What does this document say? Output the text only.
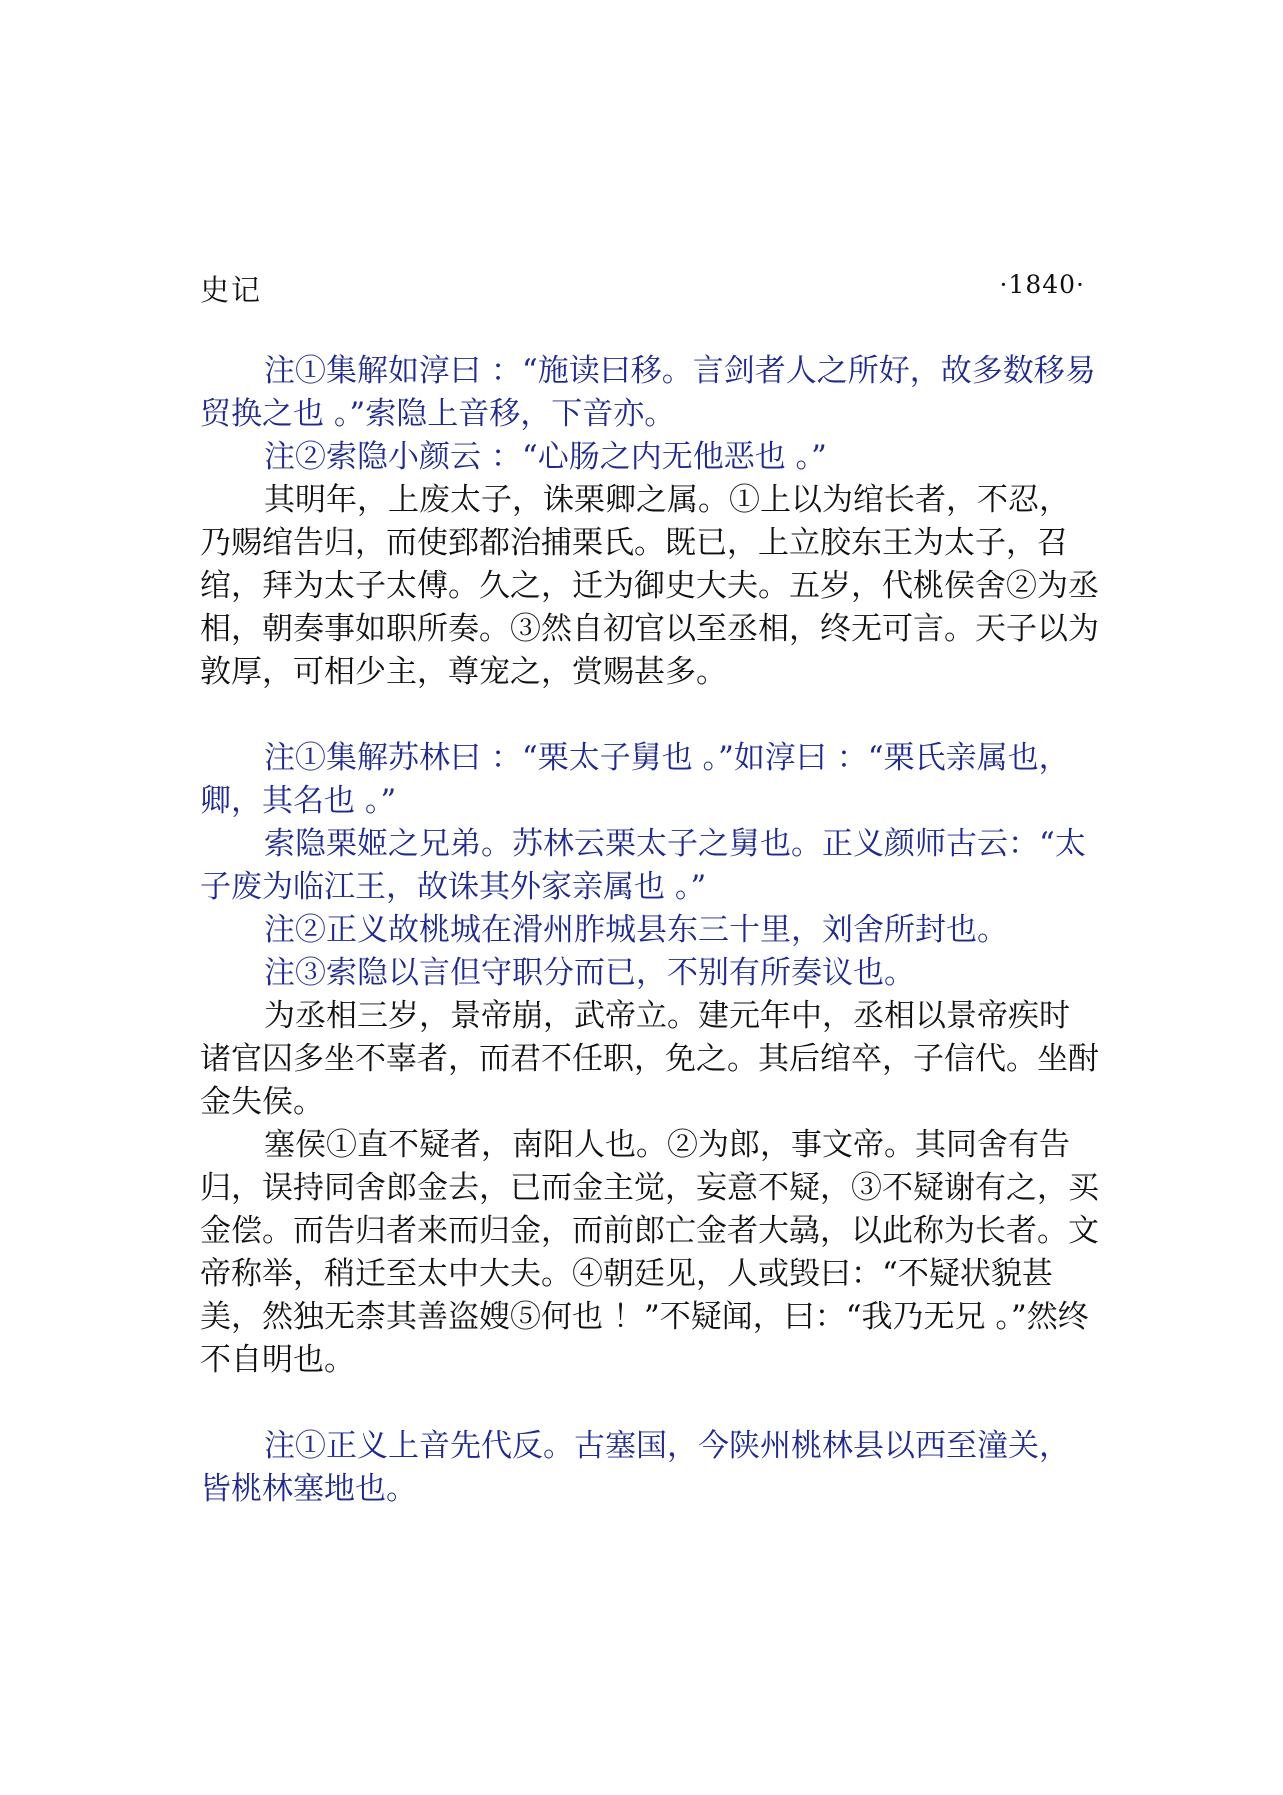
史记	·1840·

注①集解如淳曰 ：“施读曰移。言剑者人之所好，故多数移易贸换之也 。”索隐上音移，下音亦。

注②索隐小颜云 ：“心肠之内无他恶也 。”

其明年，上废太子，诛栗卿之属。①上以为绾长者，不忍，乃赐绾告归，而使郅都治捕栗氏。既已，上立胶东王为太子，召绾，拜为太子太傅。久之，迁为御史大夫。五岁，代桃侯舍②为丞相，朝奏事如职所奏。③然自初官以至丞相，终无可言。天子以为敦厚，可相少主，尊宠之，赏赐甚多。

注①集解苏林曰 ：“栗太子舅也 。”如淳曰 ：“栗氏亲属也，卿，其名也 。”

索隐栗姬之兄弟。苏林云栗太子之舅也。正义颜师古云：“太子废为临江王，故诛其外家亲属也 。”

注②正义故桃城在滑州胙城县东三十里，刘舍所封也。

注③索隐以言但守职分而已，不别有所奏议也。

为丞相三岁，景帝崩，武帝立。建元年中，丞相以景帝疾时诸官囚多坐不辜者，而君不任职，免之。其后绾卒，子信代。坐酎金失侯。

塞侯①直不疑者，南阳人也。②为郎，事文帝。其同舍有告归，误持同舍郎金去，已而金主觉，妄意不疑，③不疑谢有之，买金偿。而告归者来而归金，而前郎亡金者大骉，以此称为长者。文帝称举，稍迁至太中大夫。④朝廷见，人或毁曰：“不疑状貌甚美，然独无柰其善盗嫂⑤何也 ！”不疑闻，曰：“我乃无兄 。”然终不自明也。

注①正义上音先代反。古塞国，今陕州桃林县以西至潼关，皆桃林塞地也。
